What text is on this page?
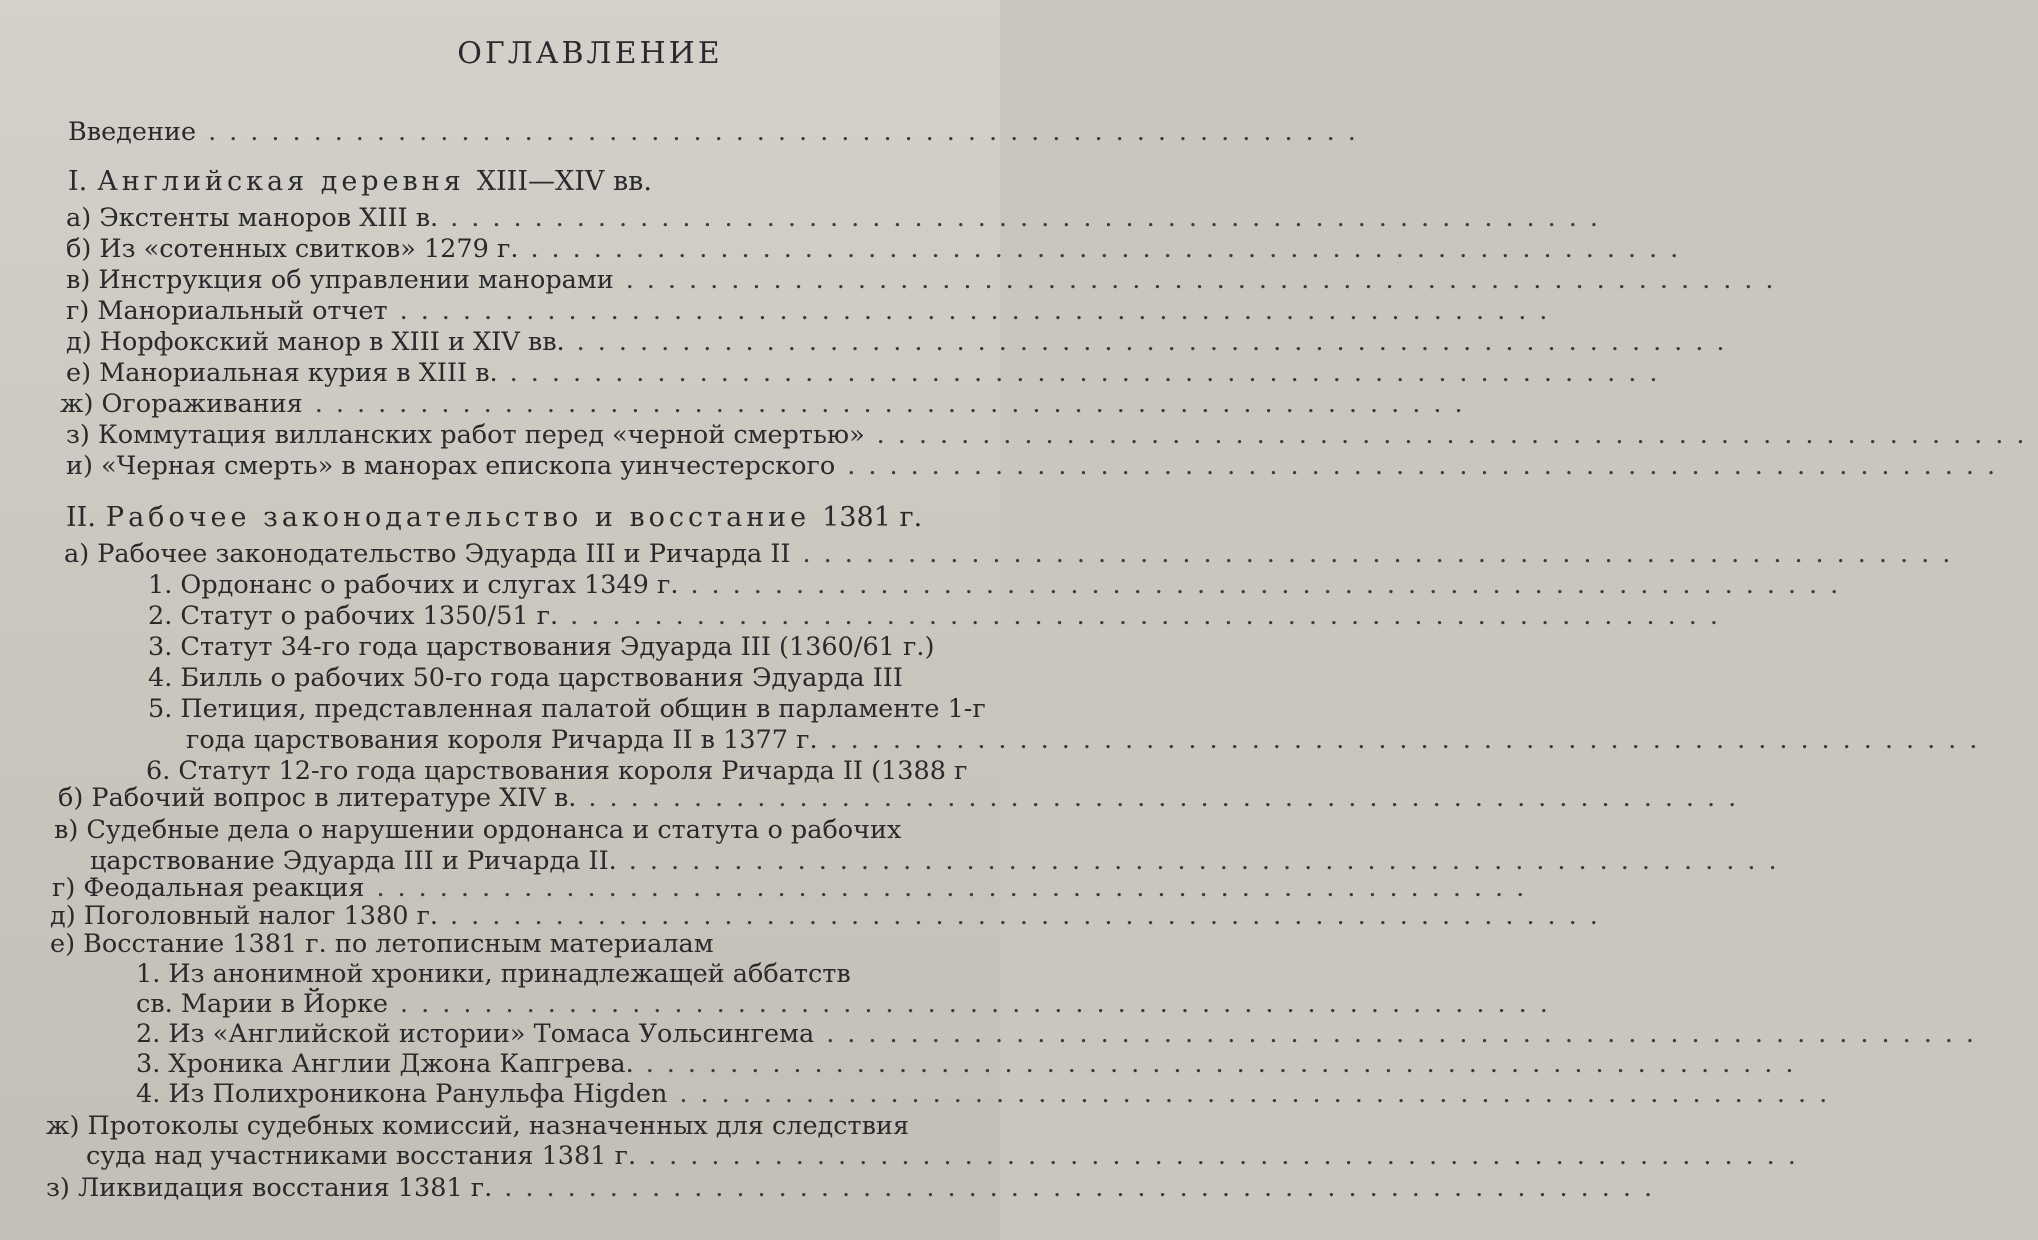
ОГЛАВЛЕНИЕ
Введение .......................................................
I. Английская деревня XIII—XIV вв.
а) Экстенты маноров XIII в. .......................................................
б) Из «сотенных свитков» 1279 г. .......................................................
в) Инструкция об управлении манорами .......................................................
г) Манориальный отчет .......................................................
д) Норфокский манор в XIII и XIV вв. .......................................................
е) Манориальная курия в XIII в. .......................................................
ж) Огораживания .......................................................
з) Коммутация вилланских работ перед «черной смертью» .......................................................
и) «Черная смерть» в манорах епископа уинчестерского .......................................................
II. Рабочее законодательство и восстание 1381 г.
а) Рабочее законодательство Эдуарда III и Ричарда II .......................................................
1. Ордонанс о рабочих и слугах 1349 г. .......................................................
2. Статут о рабочих 1350/51 г. .......................................................
3. Статут 34-го года царствования Эдуарда III (1360/61 г.)
4. Билль о рабочих 50-го года царствования Эдуарда III
5. Петиция, представленная палатой общин в парламенте 1-г
года царствования короля Ричарда II в 1377 г. .......................................................
6. Статут 12-го года царствования короля Ричарда II (1388 г
б) Рабочий вопрос в литературе XIV в. .......................................................
в) Судебные дела о нарушении ордонанса и статута о рабочих
царствование Эдуарда III и Ричарда II. .......................................................
г) Феодальная реакция .......................................................
д) Поголовный налог 1380 г. .......................................................
е) Восстание 1381 г. по летописным материалам
1. Из анонимной хроники, принадлежащей аббатств
св. Марии в Йорке .......................................................
2. Из «Английской истории» Томаса Уольсингема .......................................................
3. Хроника Англии Джона Капгрева. .......................................................
4. Из Полихроникона Ранульфа Higden .......................................................
ж) Протоколы судебных комиссий, назначенных для следствия
суда над участниками восстания 1381 г. .......................................................
з) Ликвидация восстания 1381 г. .......................................................
